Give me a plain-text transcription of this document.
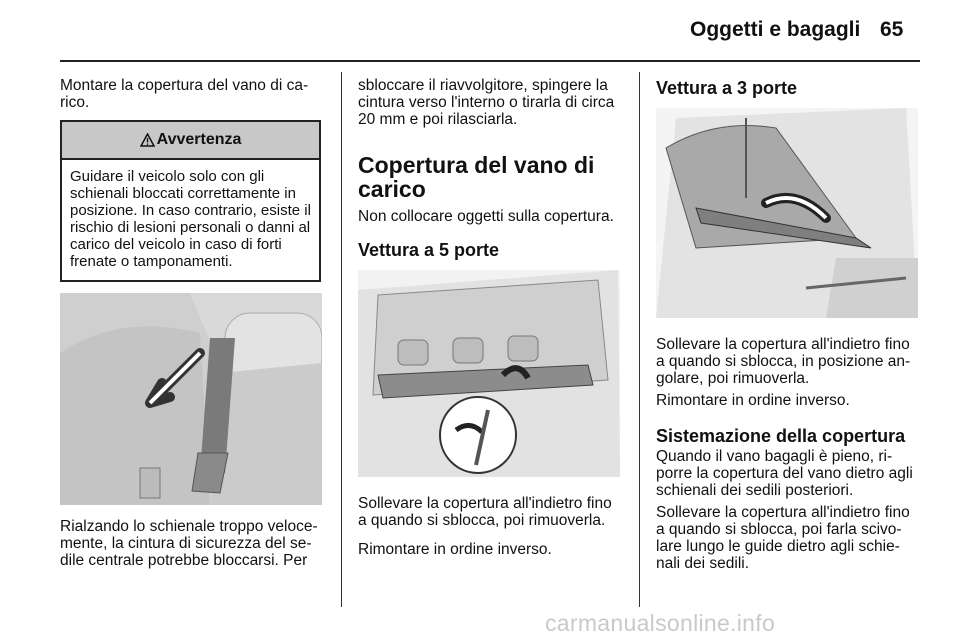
Oggetti e bagagli 65
Montare la copertura del vano di ca-
rico.
Avvertenza
Guidare il veicolo solo con gli schienali bloccati correttamente in posizione. In caso contrario, esiste il rischio di lesioni personali o danni al carico del veicolo in caso di forti frenate o tamponamenti.
Rialzando lo schienale troppo veloce-
mente, la cintura di sicurezza del se-
dile centrale potrebbe bloccarsi. Per
sbloccare il riavvolgitore, spingere la
cintura verso l'interno o tirarla di circa
20 mm e poi rilasciarla.
Copertura del vano di
carico
Non collocare oggetti sulla copertura.
Vettura a 5 porte
Sollevare la copertura all'indietro fino
a quando si sblocca, poi rimuoverla.
Rimontare in ordine inverso.
Vettura a 3 porte
Sollevare la copertura all'indietro fino
a quando si sblocca, in posizione an-
golare, poi rimuoverla.
Rimontare in ordine inverso.
Sistemazione della copertura
Quando il vano bagagli è pieno, ri-
porre la copertura del vano dietro agli
schienali dei sedili posteriori.
Sollevare la copertura all'indietro fino
a quando si sblocca, poi farla scivo-
lare lungo le guide dietro agli schie-
nali dei sedili.
carmanualsonline.info
